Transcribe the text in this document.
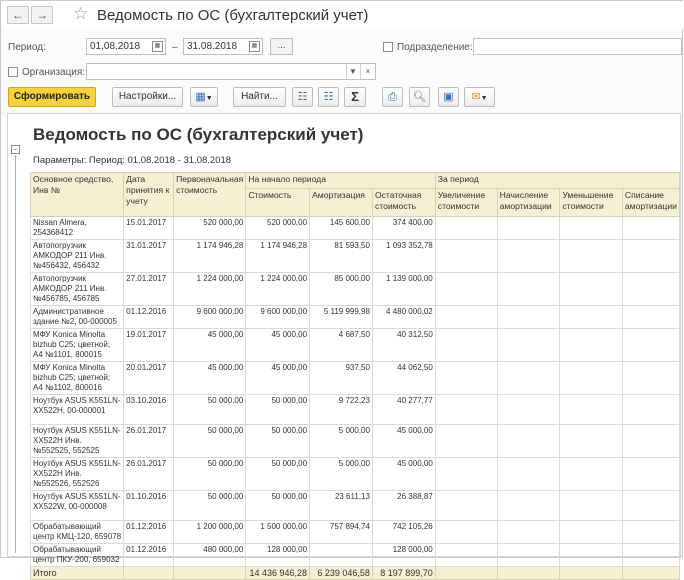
←	→ ☆ Ведомость по ОС (бухгалтерский учет)
Период:	01.08.2018	▦ – 31.08.2018	▦	...	Подразделение:
Организация:	▼	×
Сформировать	Настройки...	▦▼	Найти...	☷	☷	Σ	⎙	🔍︎	▣	✉▼
-
Ведомость по ОС (бухгалтерский учет)
Параметры: Период: 01.08.2018 - 31.08.2018
Основное средство, Инв №	Дата принятия к учету	Первоначальная стоимость	На начало периода			За период			
			Стоимость	Амортизация	Остаточная стоимость	Увеличение стоимости	Начисление амортизации	Уменьшение стоимости	Списание амортизации
Nissan Almera, 254368412	15.01.2017	520 000,00	520 000,00	145 600,00	374 400,00				
Автопогрузчик АМКОДОР 211 Инв. №456432, 456432	31.01.2017	1 174 946,28	1 174 946,28	81 593,50	1 093 352,78				
Автопогрузчик АМКОДОР 211 Инв. №456785, 456785	27.01.2017	1 224 000,00	1 224 000,00	85 000,00	1 139 000,00				
Административное здание №2, 00-000005	01.12.2016	9 600 000,00	9 600 000,00	5 119 999,98	4 480 000,02				
МФУ Konica Minolta bizhub C25; цветной; A4 №1101, 800015	19.01.2017	45 000,00	45 000,00	4 687,50	40 312,50				
МФУ Konica Minolta bizhub C25; цветной; A4 №1102, 800016	20.01.2017	45 000,00	45 000,00	937,50	44 062,50				
Ноутбук ASUS K551LN-XX522H, 00-000001	03.10.2016	50 000,00	50 000,00	9 722,23	40 277,77				
Ноутбук ASUS K551LN-XX522H Инв. №552525, 552525	26.01.2017	50 000,00	50 000,00	5 000,00	45 000,00				
Ноутбук ASUS K551LN-XX522H Инв. №552526, 552526	26.01.2017	50 000,00	50 000,00	5 000,00	45 000,00				
Ноутбук ASUS K551LN-XX522W, 00-000008	01.10.2016	50 000,00	50 000,00	23 611,13	26 388,87				
Обрабатывающий центр КМЦ-120, 659078	01.12.2016	1 200 000,00	1 500 000,00	757 894,74	742 105,26				
Обрабатывающий центр ПКУ-200, 659032	01.12.2016	480 000,00	128 000,00		128 000,00				
Итого			14 436 946,28	6 239 046,58	8 197 899,70				
